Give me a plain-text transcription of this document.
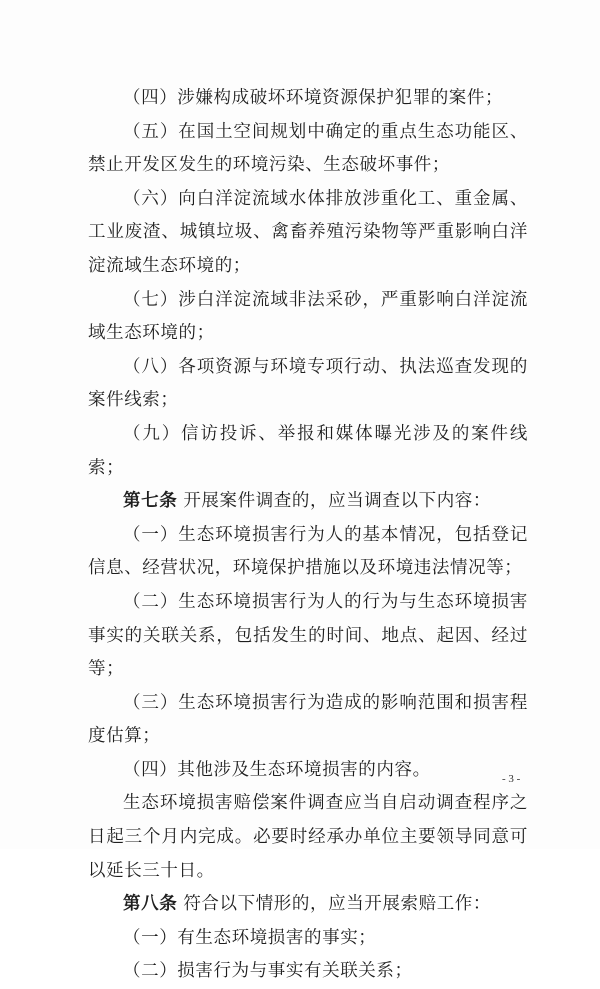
（四）涉嫌构成破坏环境资源保护犯罪的案件；

（五）在国土空间规划中确定的重点生态功能区、禁止开发区发生的环境污染、生态破坏事件；

（六）向白洋淀流域水体排放涉重化工、重金属、工业废渣、城镇垃圾、禽畜养殖污染物等严重影响白洋淀流域生态环境的；

（七）涉白洋淀流域非法采砂，严重影响白洋淀流域生态环境的；

（八）各项资源与环境专项行动、执法巡查发现的案件线索；

（九）信访投诉、举报和媒体曝光涉及的案件线索；

第七条 开展案件调查的，应当调查以下内容：

（一）生态环境损害行为人的基本情况，包括登记信息、经营状况，环境保护措施以及环境违法情况等；

（二）生态环境损害行为人的行为与生态环境损害事实的关联关系，包括发生的时间、地点、起因、经过等；

（三）生态环境损害行为造成的影响范围和损害程度估算；

（四）其他涉及生态环境损害的内容。

生态环境损害赔偿案件调查应当自启动调查程序之日起三个月内完成。必要时经承办单位主要领导同意可以延长三十日。

第八条 符合以下情形的，应当开展索赔工作：

（一）有生态环境损害的事实；

（二）损害行为与事实有关联关系；

- 3 -
